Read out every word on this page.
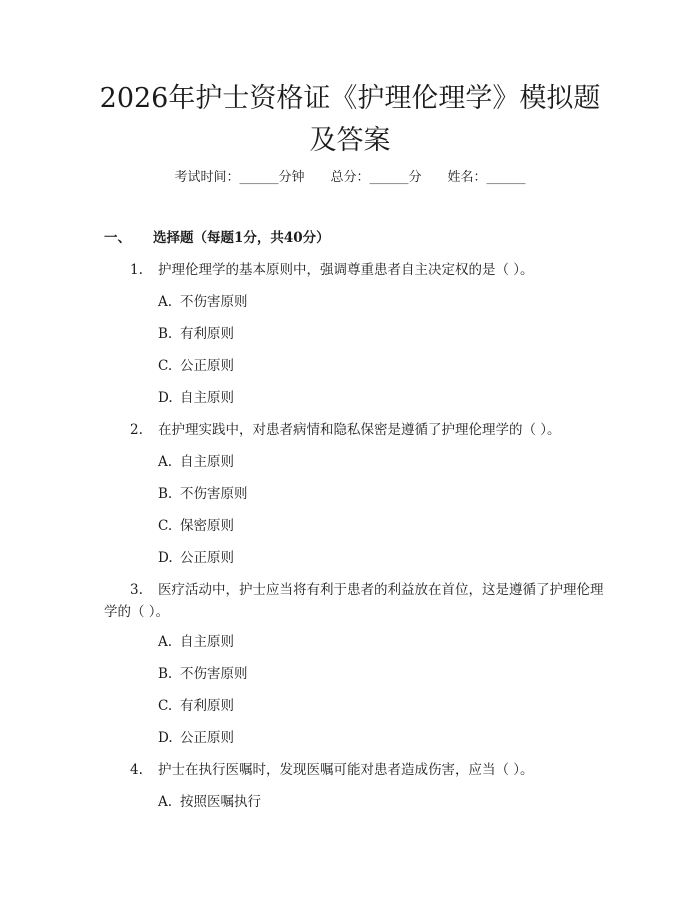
2026年护士资格证《护理伦理学》模拟题及答案
考试时间：______分钟   总分：______分   姓名：______
一、 选择题（每题1分，共40分）
1. 护理伦理学的基本原则中，强调尊重患者自主决定权的是（ ）。
A. 不伤害原则
B. 有利原则
C. 公正原则
D. 自主原则
2. 在护理实践中，对患者病情和隐私保密是遵循了护理伦理学的（ ）。
A. 自主原则
B. 不伤害原则
C. 保密原则
D. 公正原则
3. 医疗活动中，护士应当将有利于患者的利益放在首位，这是遵循了护理伦理学的（ ）。
A. 自主原则
B. 不伤害原则
C. 有利原则
D. 公正原则
4. 护士在执行医嘱时，发现医嘱可能对患者造成伤害，应当（ ）。
A. 按照医嘱执行
